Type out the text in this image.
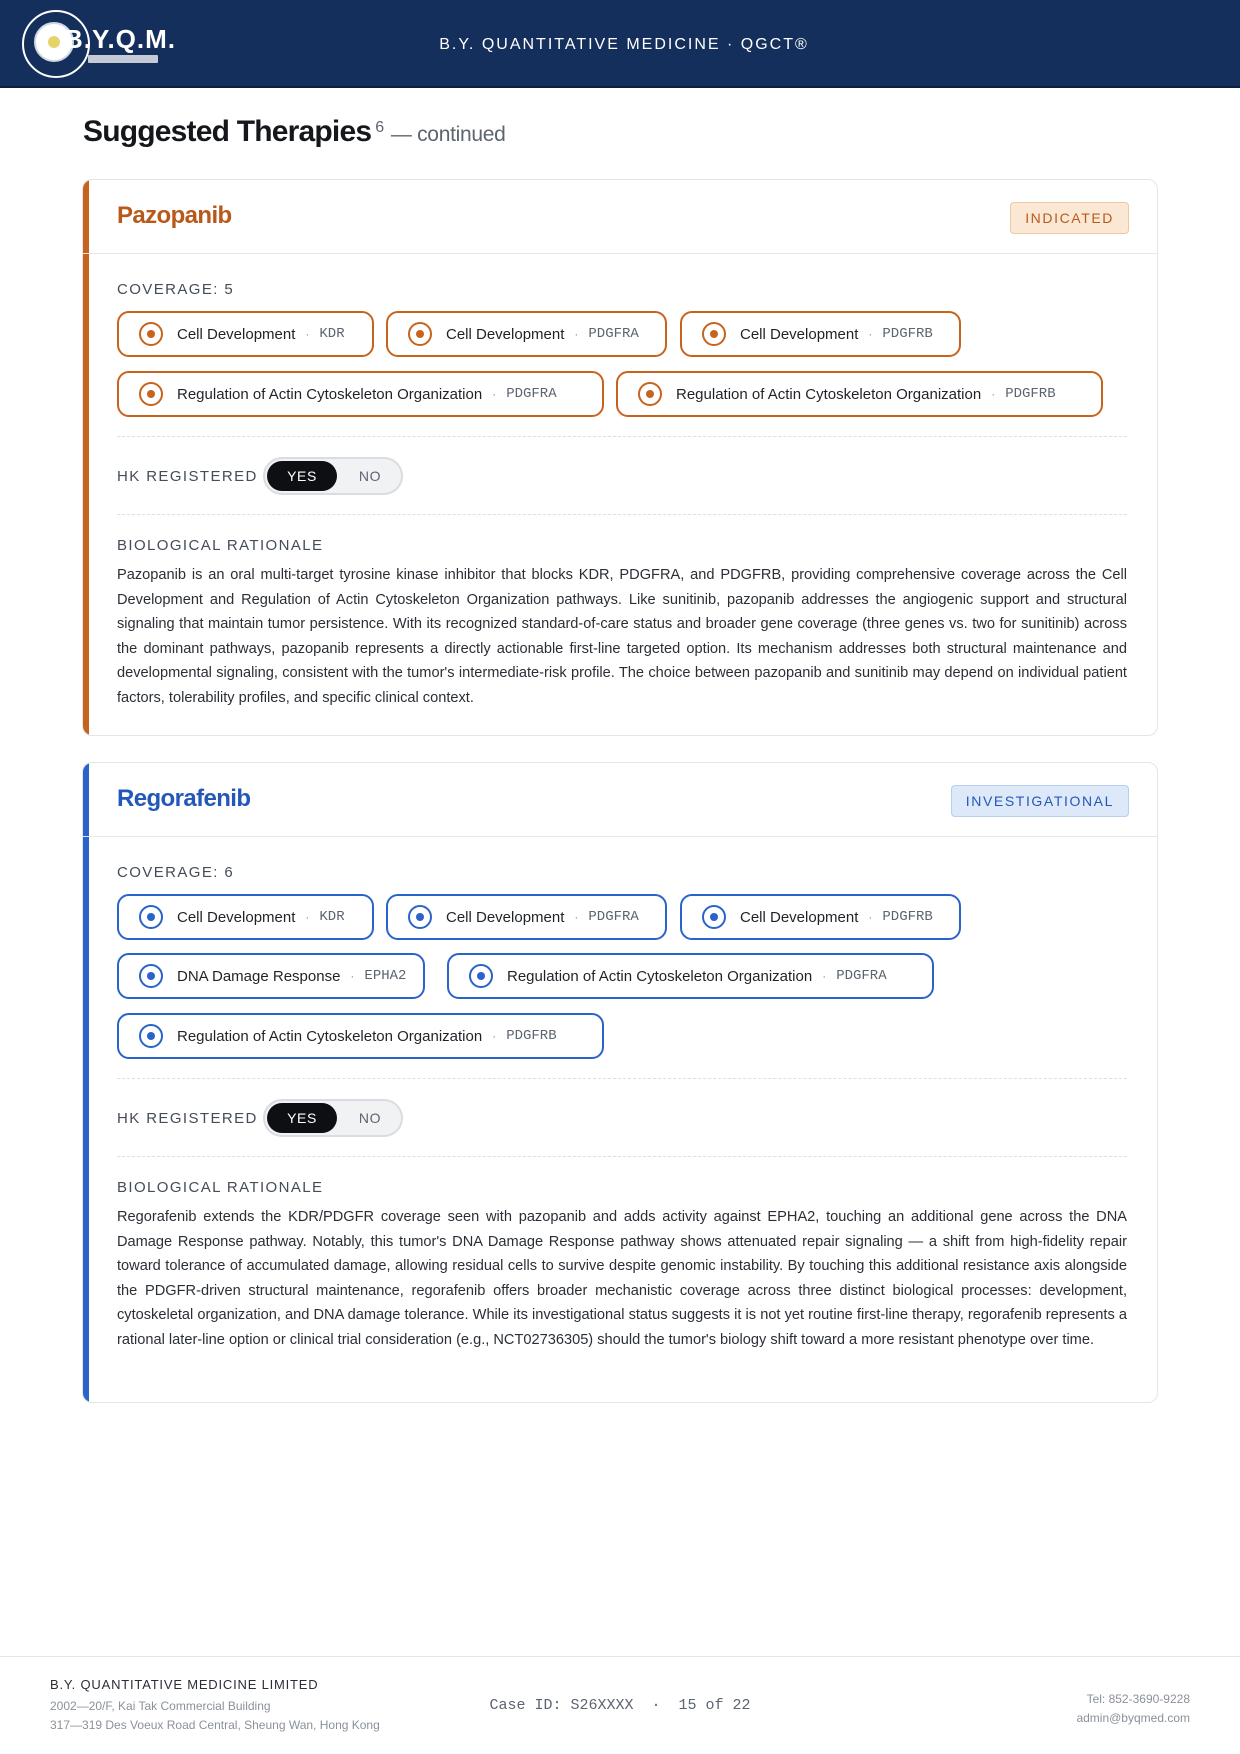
B.Y.Q.M.	B.Y. QUANTITATIVE MEDICINE · QGCT®
Suggested Therapies $^6$ — continued
Pazopanib	INDICATED
COVERAGE: 5
Cell Development · KDR	Cell Development · PDGFRA	Cell Development · PDGFRB
Regulation of Actin Cytoskeleton Organization · PDGFRA	Regulation of Actin Cytoskeleton Organization · PDGFRB
HK REGISTERED	YES	NO
BIOLOGICAL RATIONALE
Pazopanib is an oral multi-target tyrosine kinase inhibitor that blocks KDR, PDGFRA, and PDGFRB, providing comprehensive coverage across the Cell Development and Regulation of Actin Cytoskeleton Organization pathways. Like sunitinib, pazopanib addresses the angiogenic support and structural signaling that maintain tumor persistence. With its recognized standard-of-care status and broader gene coverage (three genes vs. two for sunitinib) across the dominant pathways, pazopanib represents a directly actionable first-line targeted option. Its mechanism addresses both structural maintenance and developmental signaling, consistent with the tumor's intermediate-risk profile. The choice between pazopanib and sunitinib may depend on individual patient factors, tolerability profiles, and specific clinical context.
Regorafenib	INVESTIGATIONAL
COVERAGE: 6
Cell Development · KDR	Cell Development · PDGFRA	Cell Development · PDGFRB
DNA Damage Response · EPHA2	Regulation of Actin Cytoskeleton Organization · PDGFRA
Regulation of Actin Cytoskeleton Organization · PDGFRB
HK REGISTERED	YES	NO
BIOLOGICAL RATIONALE
Regorafenib extends the KDR/PDGFR coverage seen with pazopanib and adds activity against EPHA2, touching an additional gene across the DNA Damage Response pathway. Notably, this tumor's DNA Damage Response pathway shows attenuated repair signaling — a shift from high-fidelity repair toward tolerance of accumulated damage, allowing residual cells to survive despite genomic instability. By touching this additional resistance axis alongside the PDGFR-driven structural maintenance, regorafenib offers broader mechanistic coverage across three distinct biological processes: development, cytoskeletal organization, and DNA damage tolerance. While its investigational status suggests it is not yet routine first-line therapy, regorafenib represents a rational later-line option or clinical trial consideration (e.g., NCT02736305) should the tumor's biology shift toward a more resistant phenotype over time.
B.Y. QUANTITATIVE MEDICINE LIMITED
2002—20/F, Kai Tak Commercial Building
317—319 Des Voeux Road Central, Sheung Wan, Hong Kong
Case ID: S26XXXX · 15 of 22	Tel: 852-3690-9228
admin@byqmed.com
